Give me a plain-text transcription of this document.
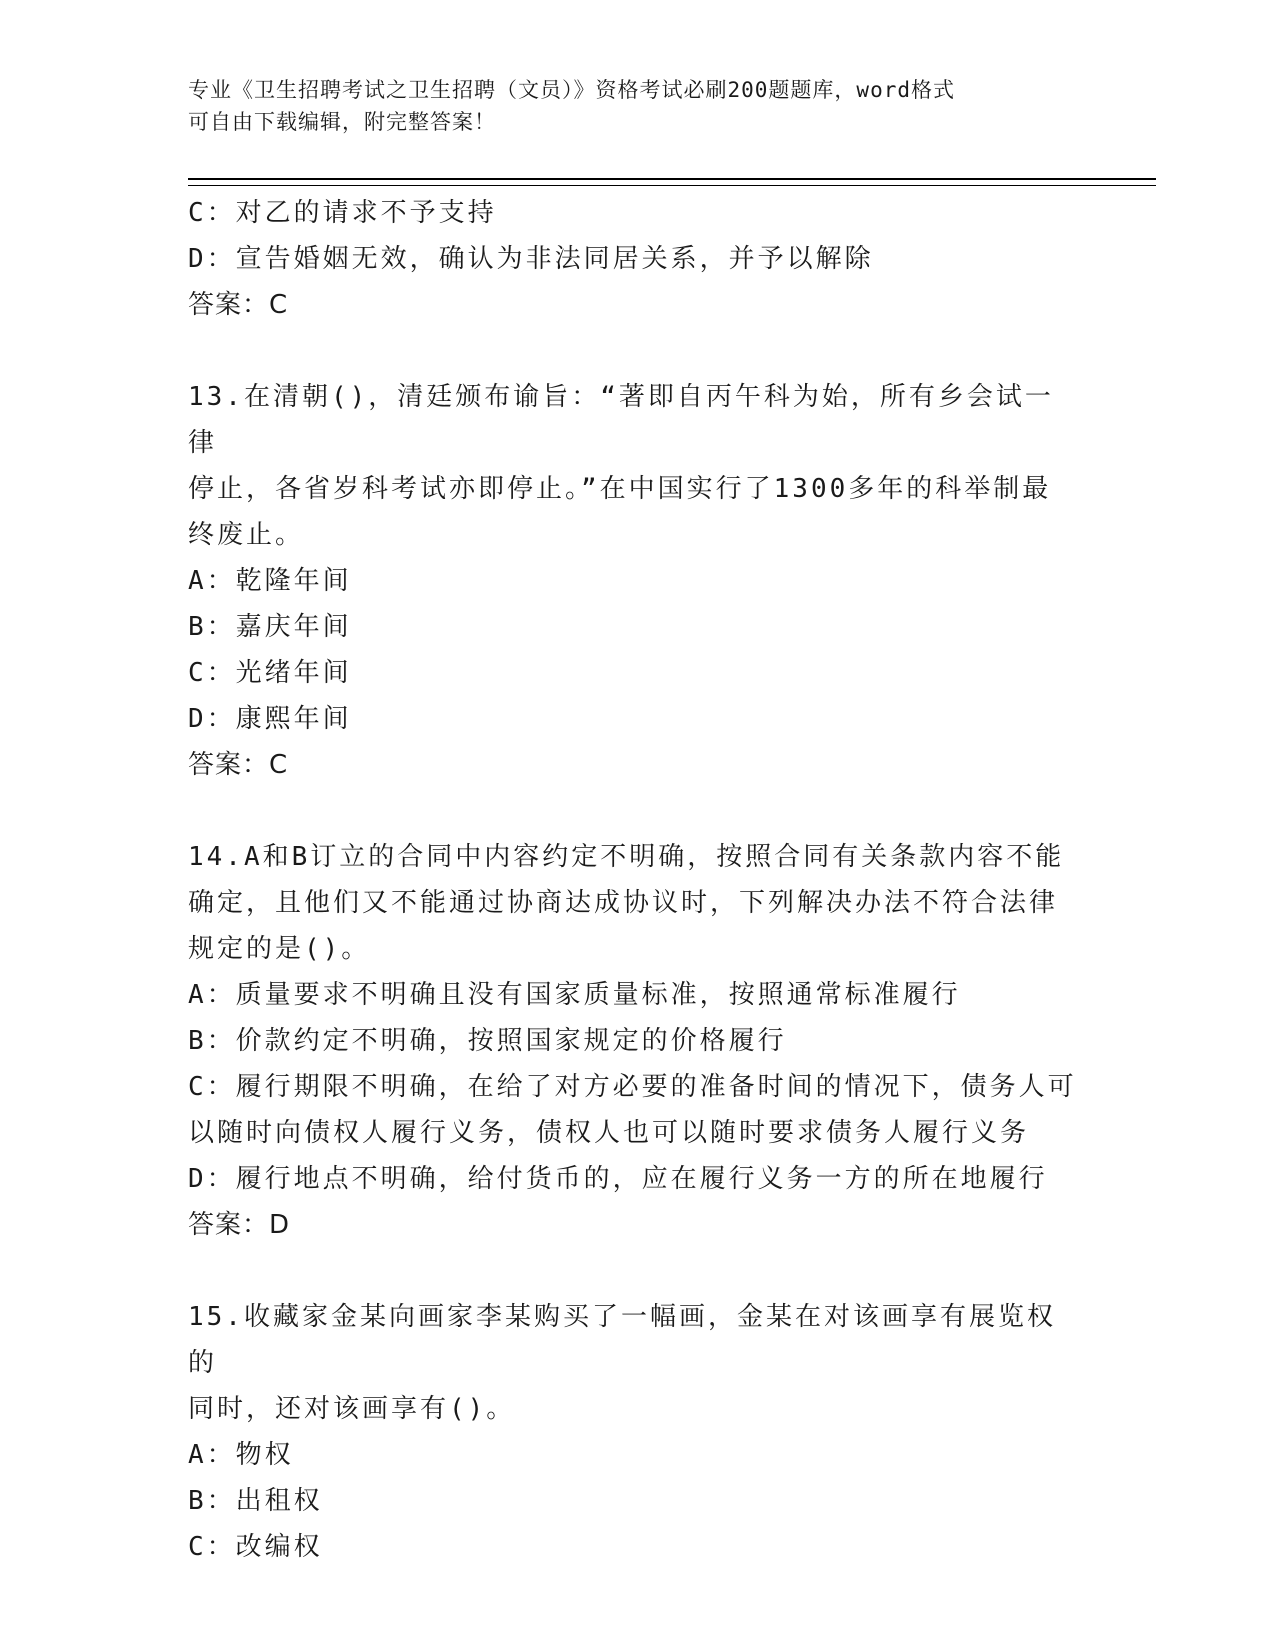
专业《卫生招聘考试之卫生招聘（文员）》资格考试必刷200题题库，word格式
可自由下载编辑，附完整答案！

C：对乙的请求不予支持

D：宣告婚姻无效，确认为非法同居关系，并予以解除

答案：C

13.在清朝()，清廷颁布谕旨：“著即自丙午科为始，所有乡会试一律

停止，各省岁科考试亦即停止。”在中国实行了1300多年的科举制最

终废止。

A：乾隆年间

B：嘉庆年间

C：光绪年间

D：康熙年间

答案：C

14.A和B订立的合同中内容约定不明确，按照合同有关条款内容不能

确定，且他们又不能通过协商达成协议时，下列解决办法不符合法律

规定的是()。

A：质量要求不明确且没有国家质量标准，按照通常标准履行

B：价款约定不明确，按照国家规定的价格履行

C：履行期限不明确，在给了对方必要的准备时间的情况下，债务人可

以随时向债权人履行义务，债权人也可以随时要求债务人履行义务

D：履行地点不明确，给付货币的，应在履行义务一方的所在地履行

答案：D

15.收藏家金某向画家李某购买了一幅画，金某在对该画享有展览权的

同时，还对该画享有()。

A：物权

B：出租权

C：改编权
